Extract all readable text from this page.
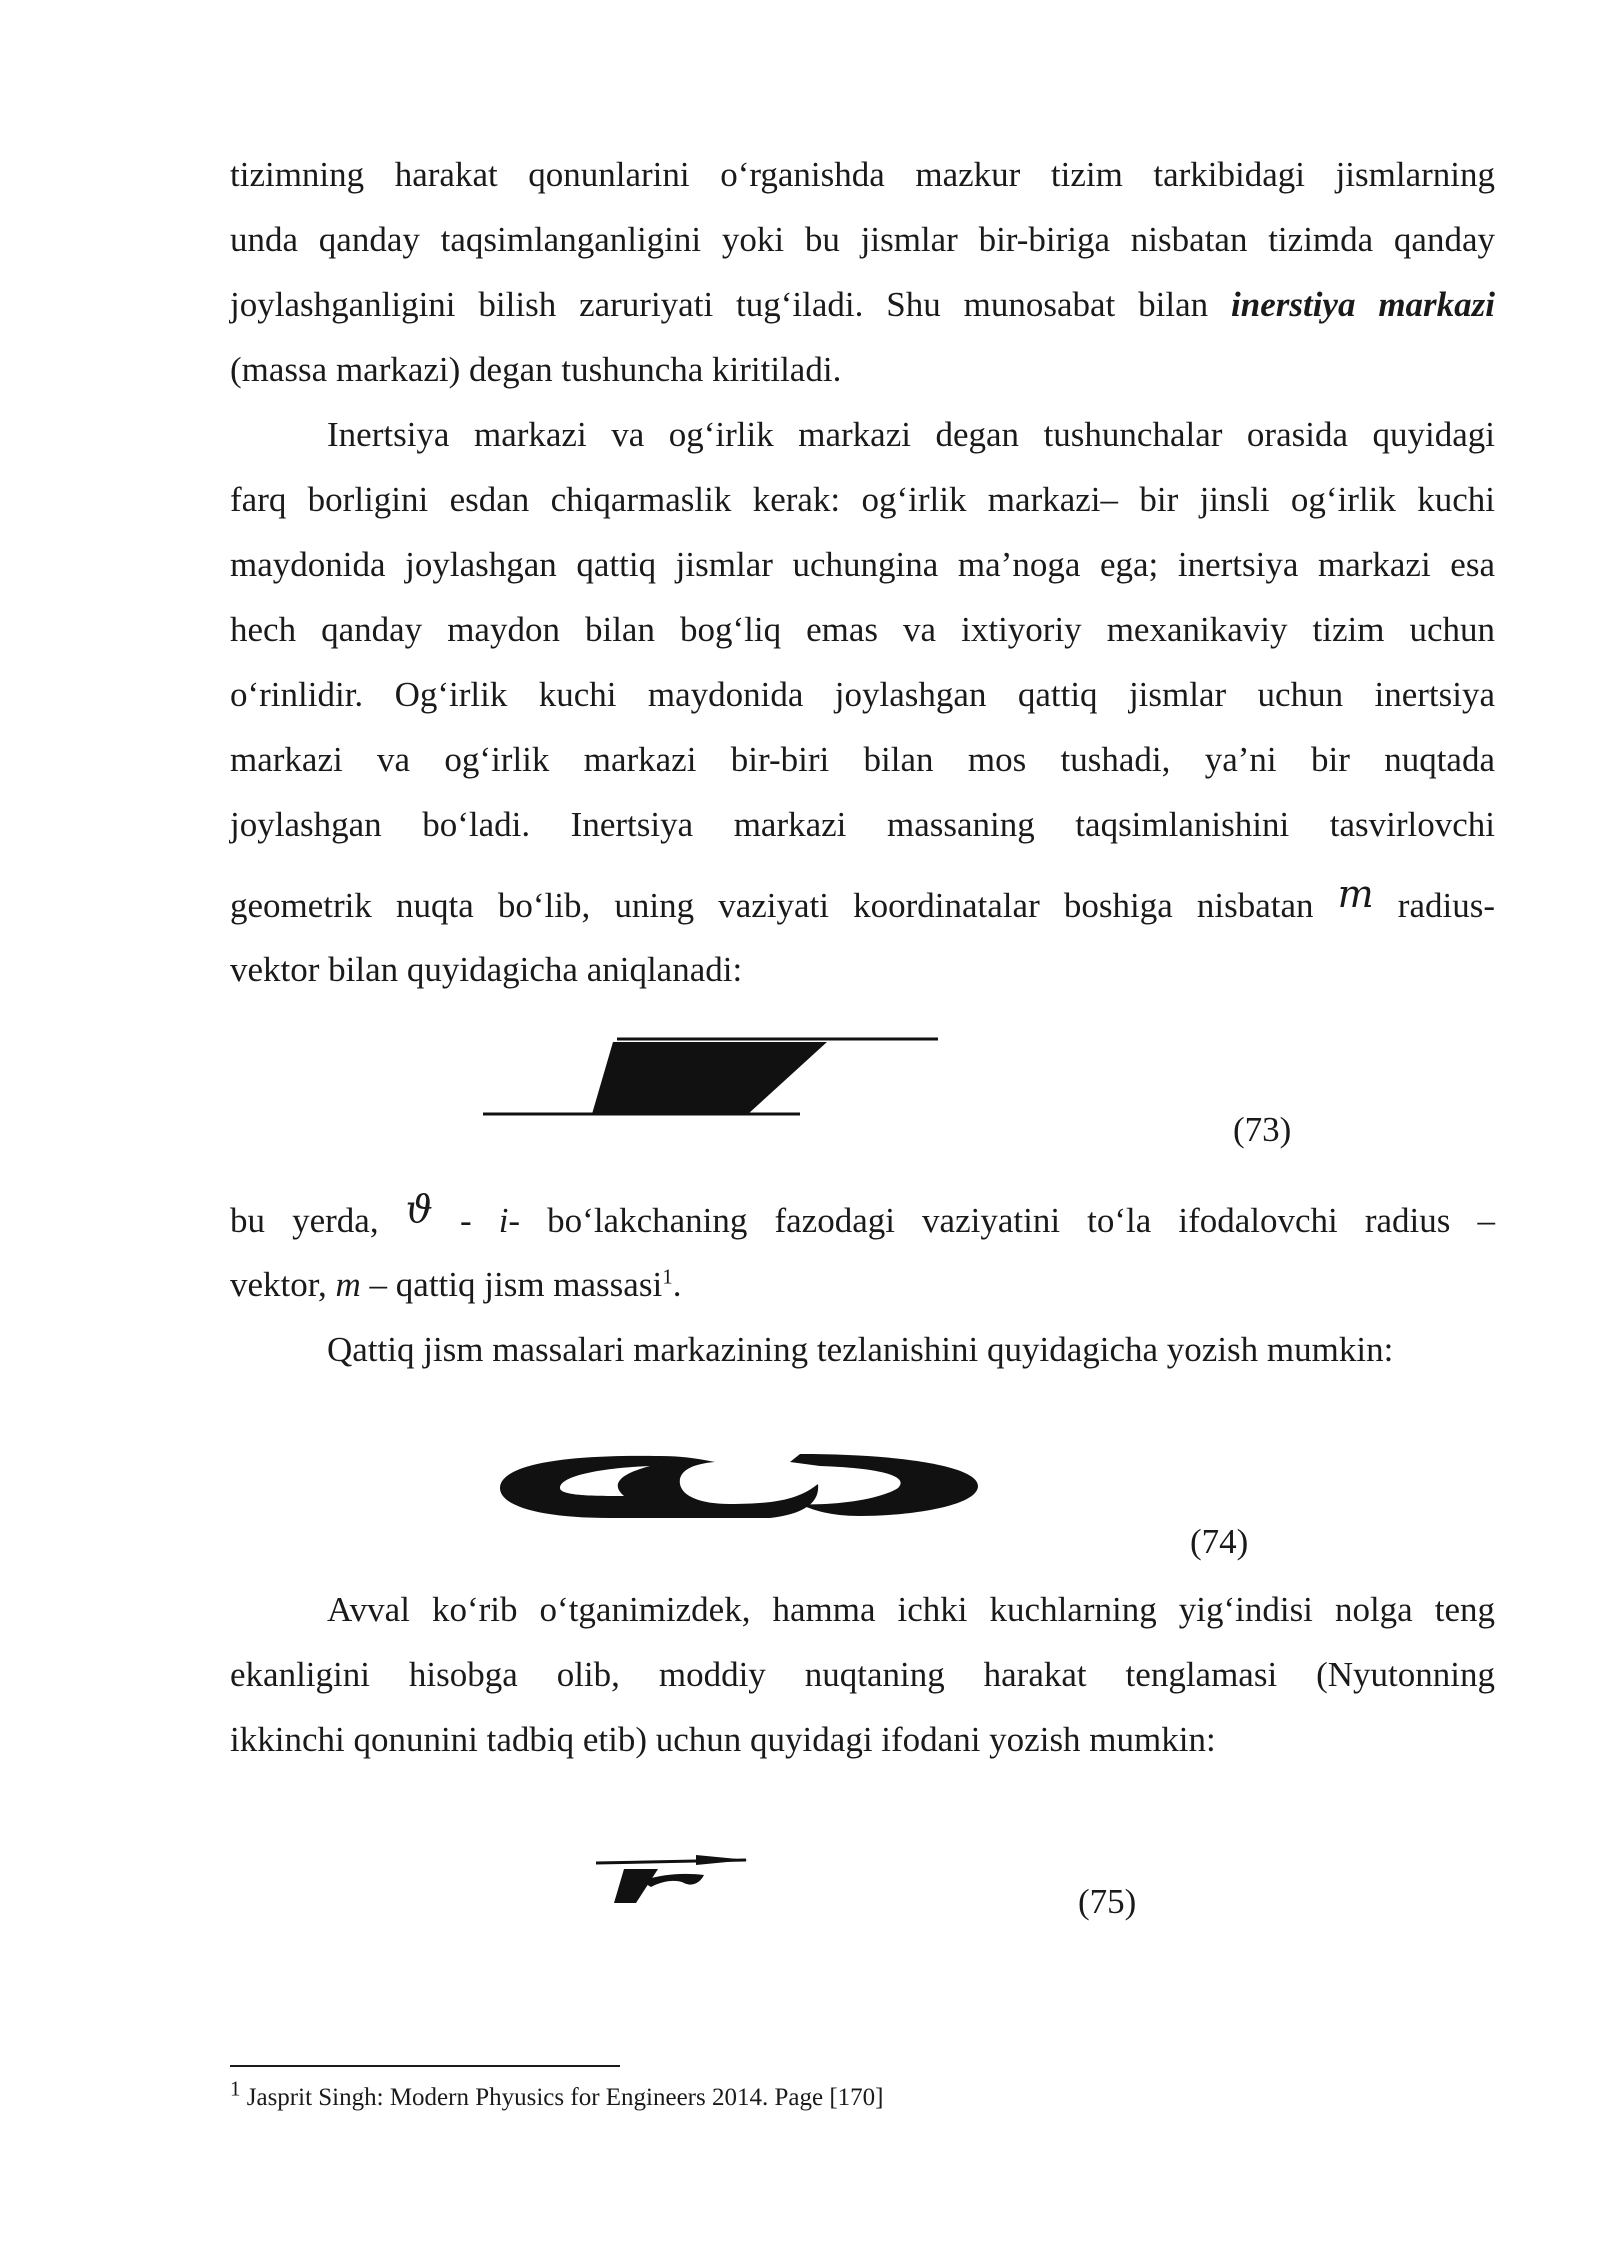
tizimning harakat qonunlarini o‘rganishda mazkur tizim tarkibidagi jismlarning
unda qanday taqsimlanganligini yoki bu jismlar bir-biriga nisbatan tizimda qanday
joylashganligini bilish zaruriyati tug‘iladi. Shu munosabat bilan inerstiya markazi
(massa markazi) degan tushuncha kiritiladi.
Inertsiya markazi va og‘irlik markazi degan tushunchalar orasida quyidagi
farq borligini esdan chiqarmaslik kerak: og‘irlik markazi– bir jinsli og‘irlik kuchi
maydonida joylashgan qattiq jismlar uchungina ma’noga ega; inertsiya markazi esa
hech qanday maydon bilan bog‘liq emas va ixtiyoriy mexanikaviy tizim uchun
o‘rinlidir. Og‘irlik kuchi maydonida joylashgan qattiq jismlar uchun inertsiya
markazi va og‘irlik markazi bir-biri bilan mos tushadi, ya’ni bir nuqtada
joylashgan bo‘ladi. Inertsiya markazi massaning taqsimlanishini tasvirlovchi
geometrik nuqta bo‘lib, uning vaziyati koordinatalar boshiga nisbatan m radius-
vektor bilan quyidagicha aniqlanadi:
(73)
bu yerda, ϑ - i- bo‘lakchaning fazodagi vaziyatini to‘la ifodalovchi radius –
vektor, m – qattiq jism massasi$^1$.
Qattiq jism massalari markazining tezlanishini quyidagicha yozish mumkin:
(74)
Avval ko‘rib o‘tganimizdek, hamma ichki kuchlarning yig‘indisi nolga teng
ekanligini hisobga olib, moddiy nuqtaning harakat tenglamasi (Nyutonning
ikkinchi qonunini tadbiq etib) uchun quyidagi ifodani yozish mumkin:
(75)
$^1$ Jasprit Singh: Modern Phyusics for Engineers 2014. Page [170]
